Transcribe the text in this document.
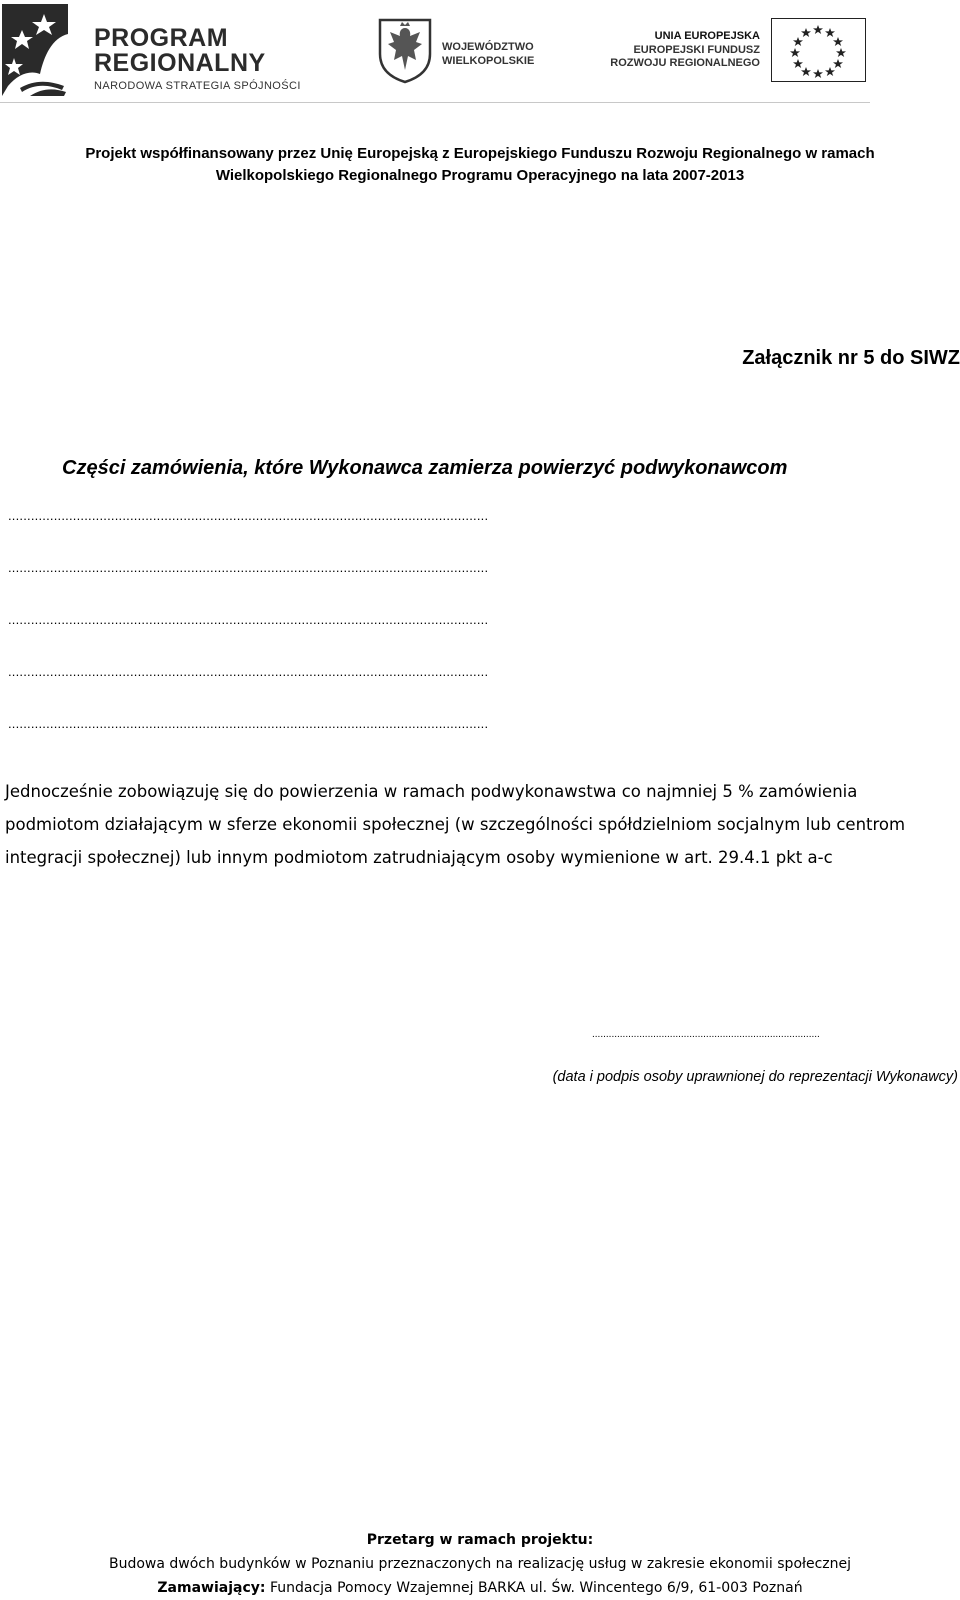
PROGRAM
REGIONALNY
NARODOWA STRATEGIA SPÓJNOŚCI
WOJEWÓDZTWO
WIELKOPOLSKIE
UNIA EUROPEJSKA
EUROPEJSKI FUNDUSZ
ROZWOJU REGIONALNEGO
Projekt współfinansowany przez Unię Europejską z Europejskiego Funduszu Rozwoju Regionalnego w ramach
Wielkopolskiego Regionalnego Programu Operacyjnego na lata 2007-2013
Załącznik nr 5 do SIWZ
Części zamówienia, które Wykonawca zamierza powierzyć podwykonawcom
..............................................................................................................................
..............................................................................................................................
..............................................................................................................................
..............................................................................................................................
..............................................................................................................................
Jednocześnie zobowiązuję się do powierzenia w ramach podwykonawstwa co najmniej 5 % zamówienia podmiotom działającym w sferze ekonomii społecznej (w szczególności spółdzielniom socjalnym lub centrom integracji społecznej) lub innym podmiotom zatrudniającym osoby wymienione w art. 29.4.1 pkt a-c
..................................................................................
(data i podpis osoby uprawnionej do reprezentacji Wykonawcy)
Przetarg w ramach projektu:
Budowa dwóch budynków w Poznaniu przeznaczonych na realizację usług w zakresie ekonomii społecznej
Zamawiający: Fundacja Pomocy Wzajemnej BARKA ul. Św. Wincentego 6/9, 61-003 Poznań
